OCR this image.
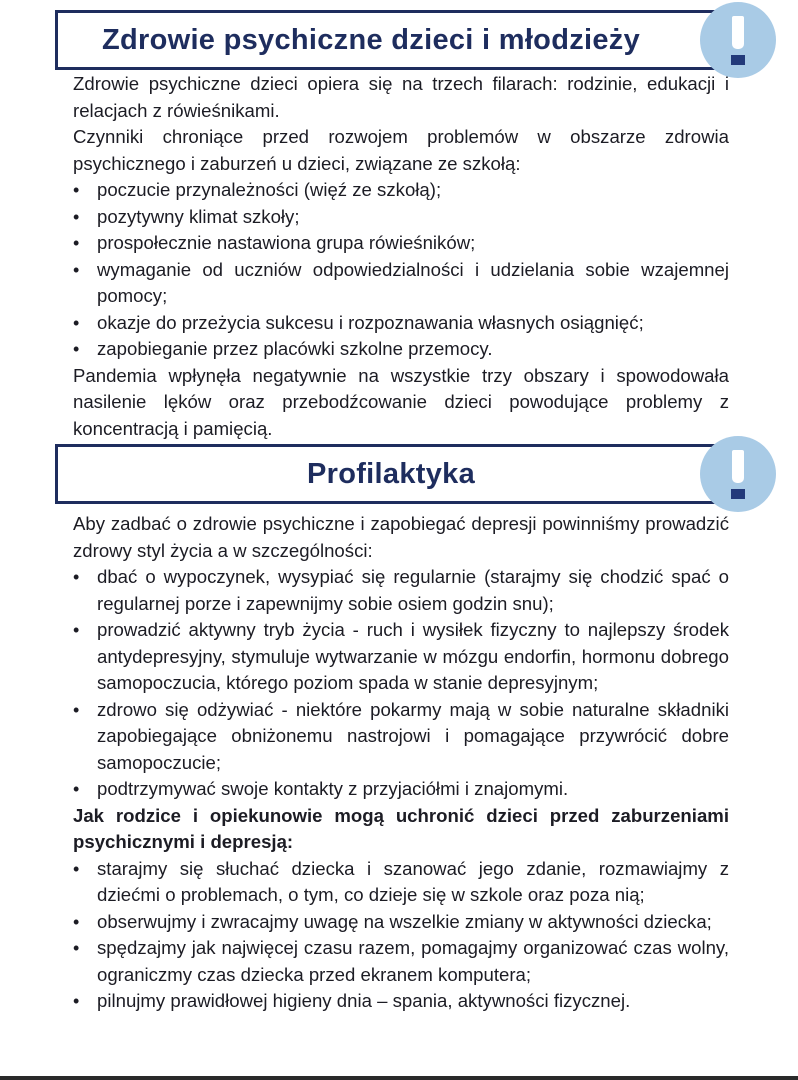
Zdrowie psychiczne dzieci i młodzieży

Zdrowie psychiczne dzieci opiera się na trzech filarach: rodzinie, edukacji i relacjach z rówieśnikami.

Czynniki chroniące przed rozwojem problemów w obszarze zdrowia psychicznego i zaburzeń u dzieci, związane ze szkołą:

• poczucie przynależności (więź ze szkołą);
• pozytywny klimat szkoły;
• prospołecznie nastawiona grupa rówieśników;
• wymaganie od uczniów odpowiedzialności i udzielania sobie wzajemnej pomocy;
• okazje do przeżycia sukcesu i rozpoznawania własnych osiągnięć;
• zapobieganie przez placówki szkolne przemocy.

Pandemia wpłynęła negatywnie na wszystkie trzy obszary i spowodowała nasilenie lęków oraz przebodźcowanie dzieci powodujące problemy z koncentracją i pamięcią.

Profilaktyka

Aby zadbać o zdrowie psychiczne i zapobiegać depresji powinniśmy prowadzić zdrowy styl życia a w szczególności:

• dbać o wypoczynek, wysypiać się regularnie (starajmy się chodzić spać o regularnej porze i zapewnijmy sobie osiem godzin snu);
• prowadzić aktywny tryb życia - ruch i wysiłek fizyczny to najlepszy środek antydepresyjny, stymuluje wytwarzanie w mózgu endorfin, hormonu dobrego samopoczucia, którego poziom spada w stanie depresyjnym;
• zdrowo się odżywiać - niektóre pokarmy mają w sobie naturalne składniki zapobiegające obniżonemu nastrojowi i pomagające przywrócić dobre samopoczucie;
• podtrzymywać swoje kontakty z przyjaciółmi i znajomymi.

Jak rodzice i opiekunowie mogą uchronić dzieci przed zaburzeniami psychicznymi i depresją:

• starajmy się słuchać dziecka i szanować jego zdanie, rozmawiajmy z dziećmi o problemach, o tym, co dzieje się w szkole oraz poza nią;
• obserwujmy i zwracajmy uwagę na wszelkie zmiany w aktywności dziecka;
• spędzajmy jak najwięcej czasu razem, pomagajmy organizować czas wolny, ograniczmy czas dziecka przed ekranem komputera;
• pilnujmy prawidłowej higieny dnia – spania, aktywności fizycznej.
